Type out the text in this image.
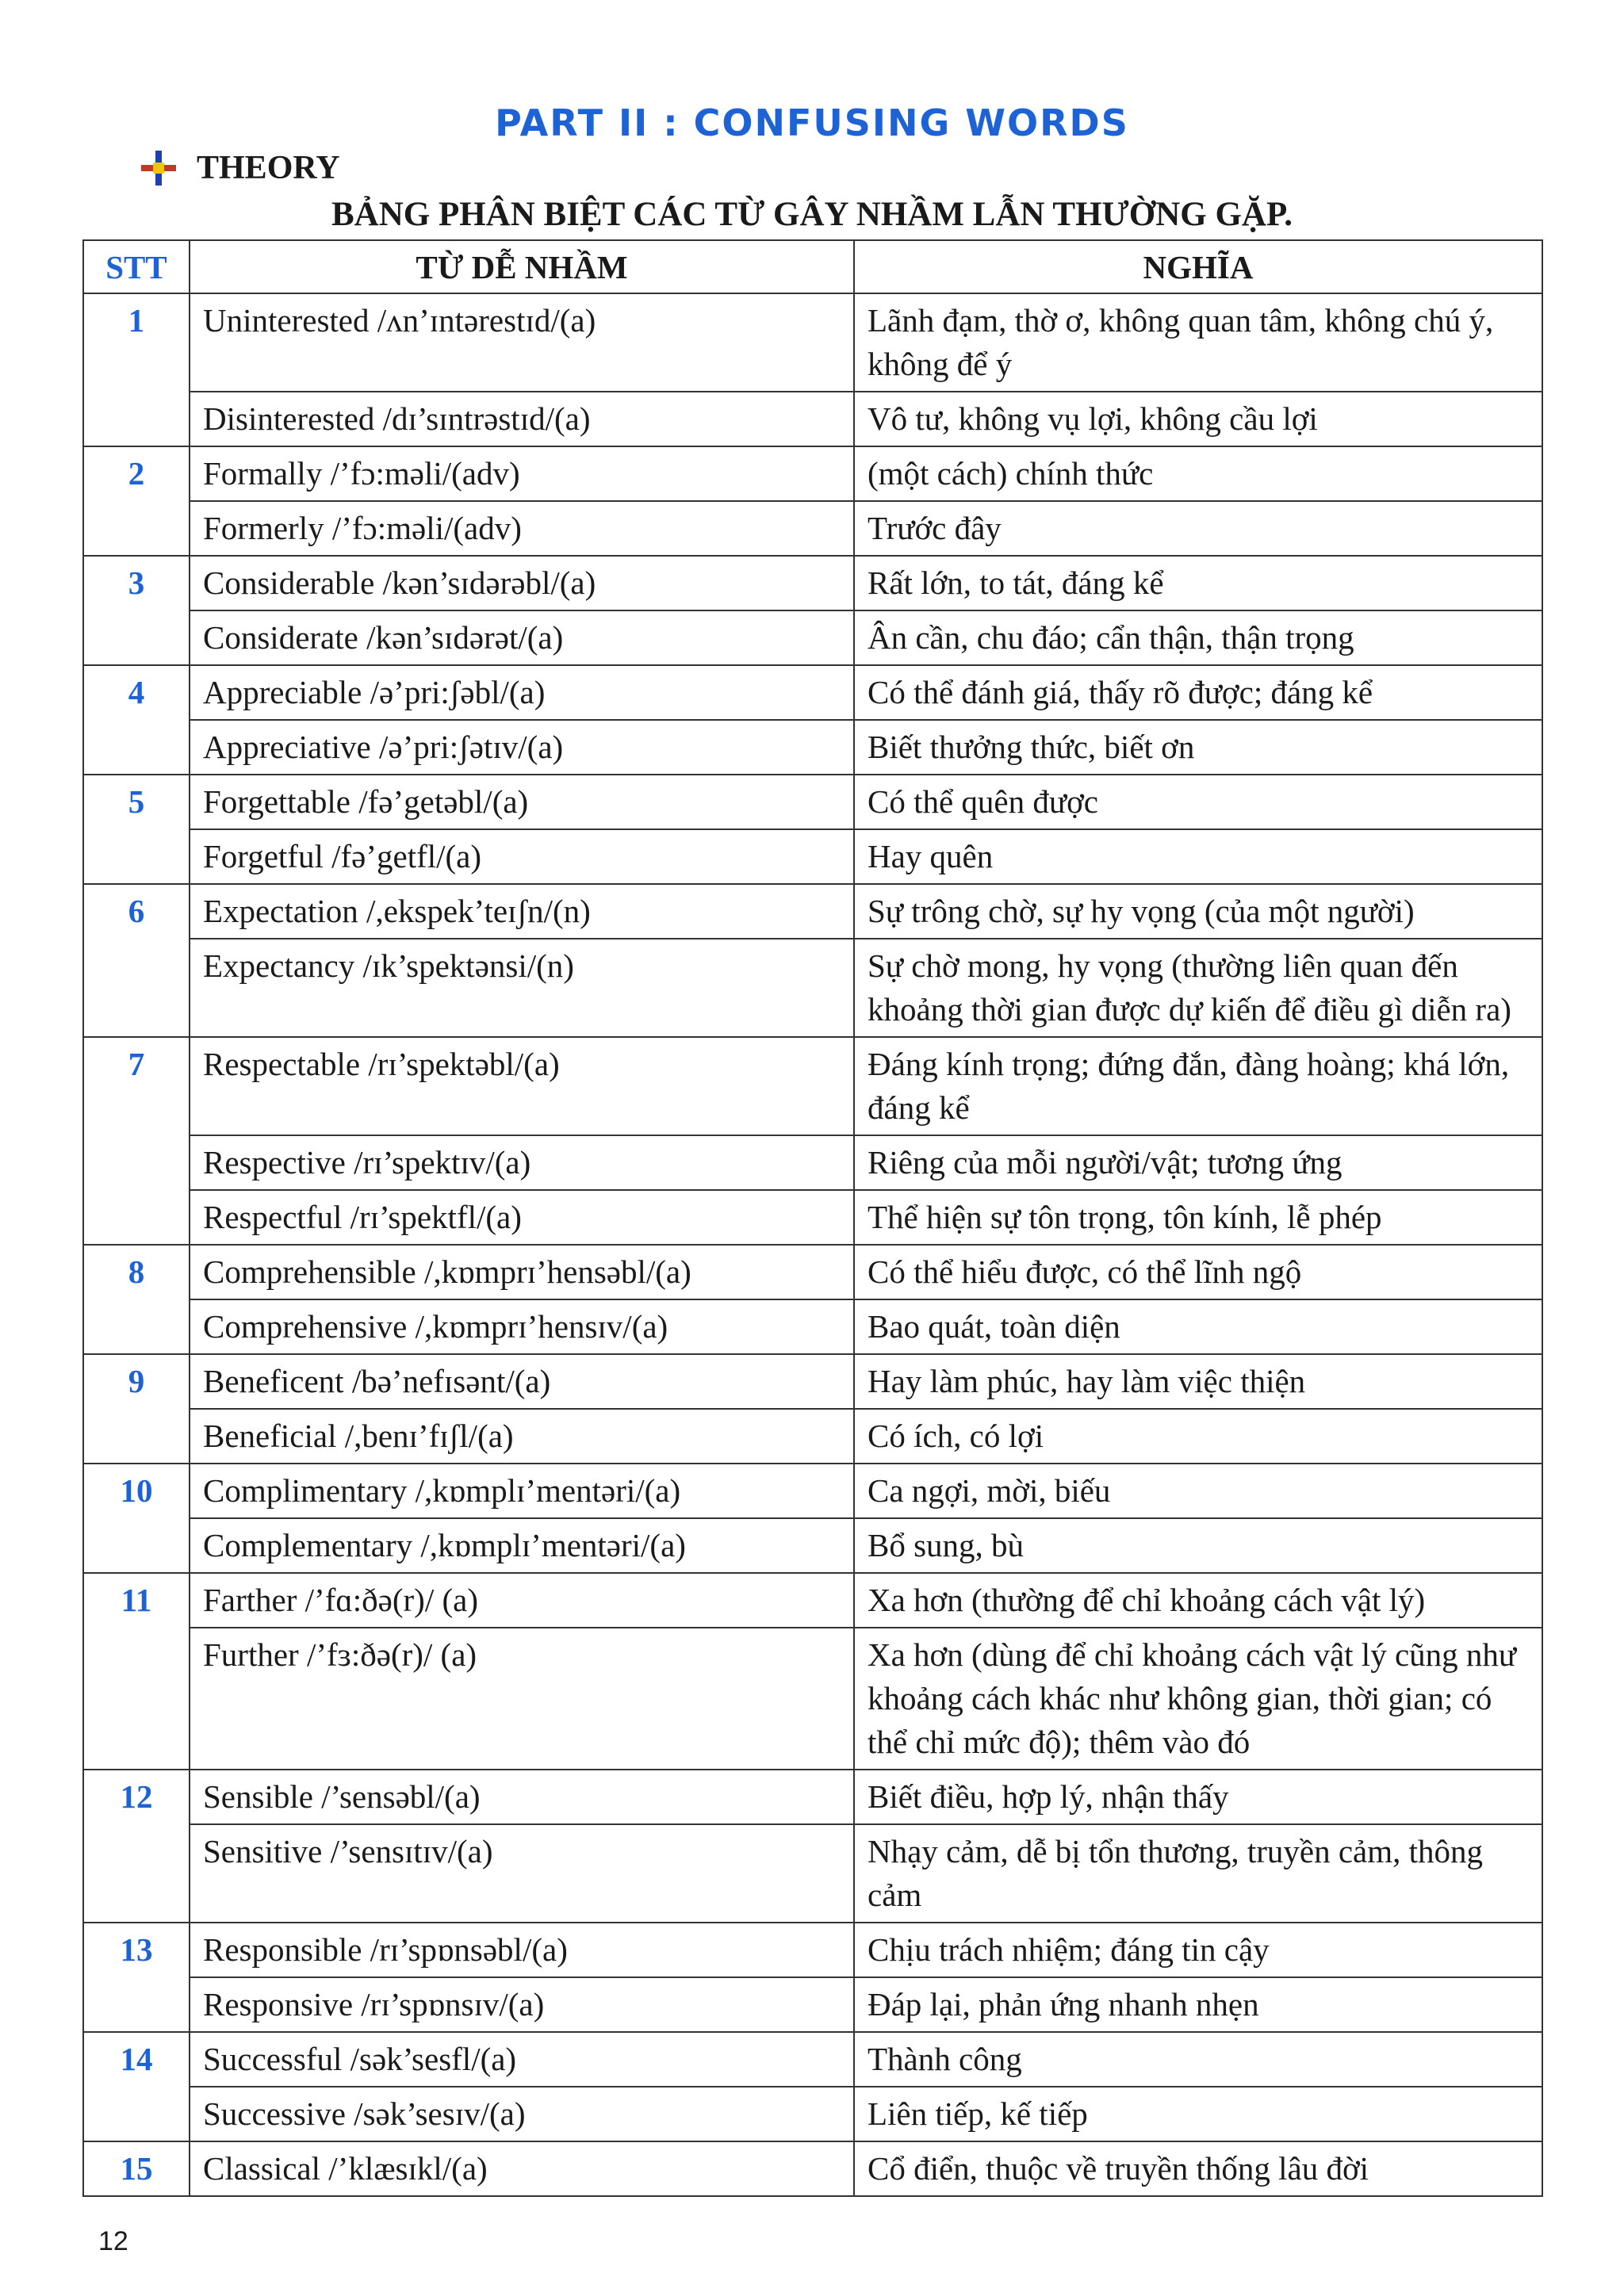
PART II : CONFUSING WORDS
THEORY
BẢNG PHÂN BIỆT CÁC TỪ GÂY NHẦM LẪN THƯỜNG GẶP.
STT	TỪ DỄ NHẦM	NGHĨA
1	Uninterested /ʌn’ɪntərestɪd/(a)	Lãnh đạm, thờ ơ, không quan tâm, không chú ý, không để ý
	Disinterested /dɪ’sɪntrəstɪd/(a)	Vô tư, không vụ lợi, không cầu lợi
2	Formally /’fɔ:məli/(adv)	(một cách) chính thức
	Formerly /’fɔ:məli/(adv)	Trước đây
3	Considerable /kən’sɪdərəbl/(a)	Rất lớn, to tát, đáng kể
	Considerate /kən’sɪdərət/(a)	Ân cần, chu đáo; cẩn thận, thận trọng
4	Appreciable /ə’pri:ʃəbl/(a)	Có thể đánh giá, thấy rõ được; đáng kể
	Appreciative /ə’pri:ʃətɪv/(a)	Biết thưởng thức, biết ơn
5	Forgettable /fə’getəbl/(a)	Có thể quên được
	Forgetful /fə’getfl/(a)	Hay quên
6	Expectation /,ekspek’teɪʃn/(n)	Sự trông chờ, sự hy vọng (của một người)
	Expectancy /ɪk’spektənsi/(n)	Sự chờ mong, hy vọng (thường liên quan đến khoảng thời gian được dự kiến để điều gì diễn ra)
7	Respectable /rɪ’spektəbl/(a)	Đáng kính trọng; đứng đắn, đàng hoàng; khá lớn, đáng kể
	Respective /rɪ’spektɪv/(a)	Riêng của mỗi người/vật; tương ứng
	Respectful /rɪ’spektfl/(a)	Thể hiện sự tôn trọng, tôn kính, lễ phép
8	Comprehensible /,kɒmprɪ’hensəbl/(a)	Có thể hiểu được, có thể lĩnh ngộ
	Comprehensive /,kɒmprɪ’hensɪv/(a)	Bao quát, toàn diện
9	Beneficent /bə’nefɪsənt/(a)	Hay làm phúc, hay làm việc thiện
	Beneficial /,benɪ’fɪʃl/(a)	Có ích, có lợi
10	Complimentary /,kɒmplɪ’mentəri/(a)	Ca ngợi, mời, biếu
	Complementary /,kɒmplɪ’mentəri/(a)	Bổ sung, bù
11	Farther /’fɑ:ðə(r)/ (a)	Xa hơn (thường để chỉ khoảng cách vật lý)
	Further /’fɜ:ðə(r)/ (a)	Xa hơn (dùng để chỉ khoảng cách vật lý cũng như khoảng cách khác như không gian, thời gian; có thể chỉ mức độ); thêm vào đó
12	Sensible /’sensəbl/(a)	Biết điều, hợp lý, nhận thấy
	Sensitive /’sensɪtɪv/(a)	Nhạy cảm, dễ bị tổn thương, truyền cảm, thông cảm
13	Responsible /rɪ’spɒnsəbl/(a)	Chịu trách nhiệm; đáng tin cậy
	Responsive /rɪ’spɒnsɪv/(a)	Đáp lại, phản ứng nhanh nhẹn
14	Successful /sək’sesfl/(a)	Thành công
	Successive /sək’sesɪv/(a)	Liên tiếp, kế tiếp
15	Classical /’klæsɪkl/(a)	Cổ điển, thuộc về truyền thống lâu đời
12
